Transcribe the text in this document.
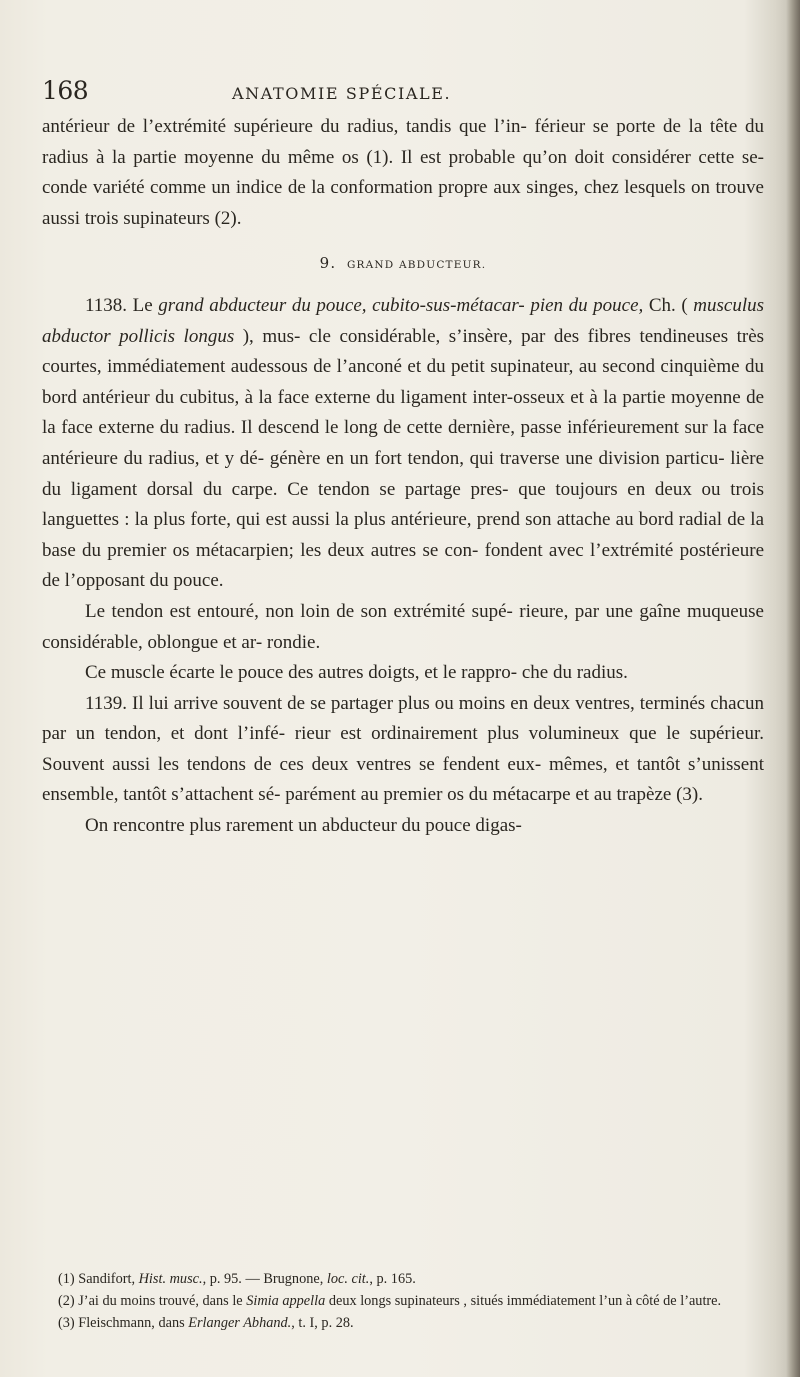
168	ANATOMIE SPÉCIALE.

antérieur de l’extrémité supérieure du radius, tandis que l’in- férieur se porte de la tête du radius à la partie moyenne du même os (1). Il est probable qu’on doit considérer cette se- conde variété comme un indice de la conformation propre aux singes, chez lesquels on trouve aussi trois supinateurs (2).

9. GRAND ABDUCTEUR.

1138. Le grand abducteur du pouce, cubito-sus-métacar- pien du pouce, Ch. ( musculus abductor pollicis longus ), mus- cle considérable, s’insère, par des fibres tendineuses très courtes, immédiatement audessous de l’anconé et du petit supinateur, au second cinquième du bord antérieur du cubitus, à la face externe du ligament inter-osseux et à la partie moyenne de la face externe du radius. Il descend le long de cette dernière, passe inférieurement sur la face antérieure du radius, et y dé- génère en un fort tendon, qui traverse une division particu- lière du ligament dorsal du carpe. Ce tendon se partage pres- que toujours en deux ou trois languettes : la plus forte, qui est aussi la plus antérieure, prend son attache au bord radial de la base du premier os métacarpien; les deux autres se con- fondent avec l’extrémité postérieure de l’opposant du pouce.

Le tendon est entouré, non loin de son extrémité supé- rieure, par une gaîne muqueuse considérable, oblongue et ar- rondie.

Ce muscle écarte le pouce des autres doigts, et le rappro- che du radius.

1139. Il lui arrive souvent de se partager plus ou moins en deux ventres, terminés chacun par un tendon, et dont l’infé- rieur est ordinairement plus volumineux que le supérieur. Souvent aussi les tendons de ces deux ventres se fendent eux- mêmes, et tantôt s’unissent ensemble, tantôt s’attachent sé- parément au premier os du métacarpe et au trapèze (3).

On rencontre plus rarement un abducteur du pouce digas-

(1) Sandifort, Hist. musc., p. 95. — Brugnone, loc. cit., p. 165.

(2) J’ai du moins trouvé, dans le Simia appella deux longs supinateurs , situés immédiatement l’un à côté de l’autre.

(3) Fleischmann, dans Erlanger Abhand., t. I, p. 28.
